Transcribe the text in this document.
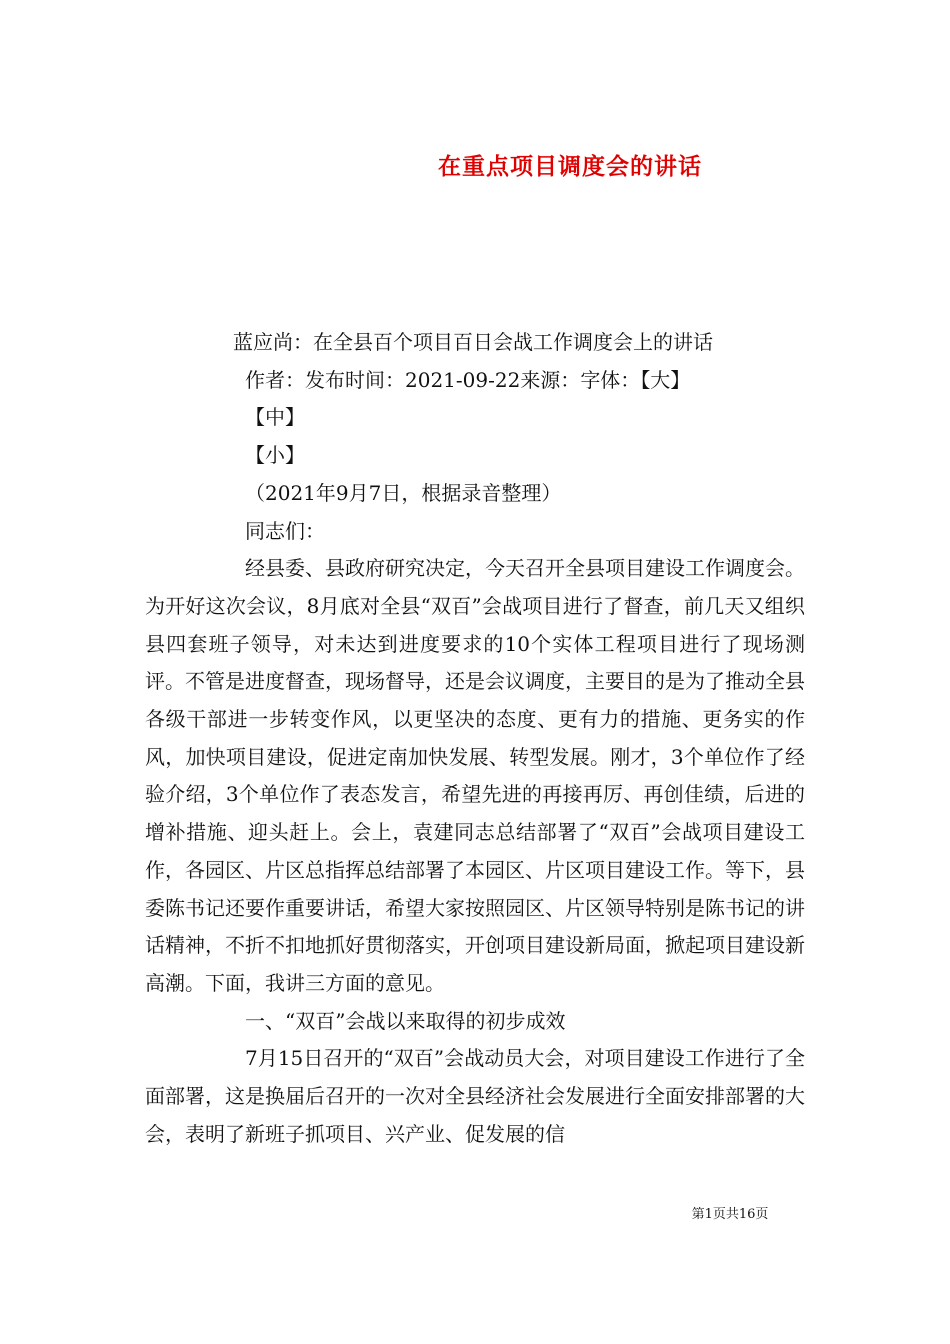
在重点项目调度会的讲话

蓝应尚：在全县百个项目百日会战工作调度会上的讲话

作者：发布时间：2021-09-22来源：字体：【大】

【中】

【小】

（2021年9月7日，根据录音整理）

同志们：

经县委、县政府研究决定，今天召开全县项目建设工作调度会。为开好这次会议，8月底对全县“双百”会战项目进行了督查，前几天又组织县四套班子领导，对未达到进度要求的10个实体工程项目进行了现场测评。不管是进度督查，现场督导，还是会议调度，主要目的是为了推动全县各级干部进一步转变作风，以更坚决的态度、更有力的措施、更务实的作风，加快项目建设，促进定南加快发展、转型发展。刚才，3个单位作了经验介绍，3个单位作了表态发言，希望先进的再接再厉、再创佳绩，后进的增补措施、迎头赶上。会上，袁建同志总结部署了“双百”会战项目建设工作，各园区、片区总指挥总结部署了本园区、片区项目建设工作。等下，县委陈书记还要作重要讲话，希望大家按照园区、片区领导特别是陈书记的讲话精神，不折不扣地抓好贯彻落实，开创项目建设新局面，掀起项目建设新高潮。下面，我讲三方面的意见。

一、“双百”会战以来取得的初步成效

7月15日召开的“双百”会战动员大会，对项目建设工作进行了全面部署，这是换届后召开的一次对全县经济社会发展进行全面安排部署的大会，表明了新班子抓项目、兴产业、促发展的信

第1页共16页
